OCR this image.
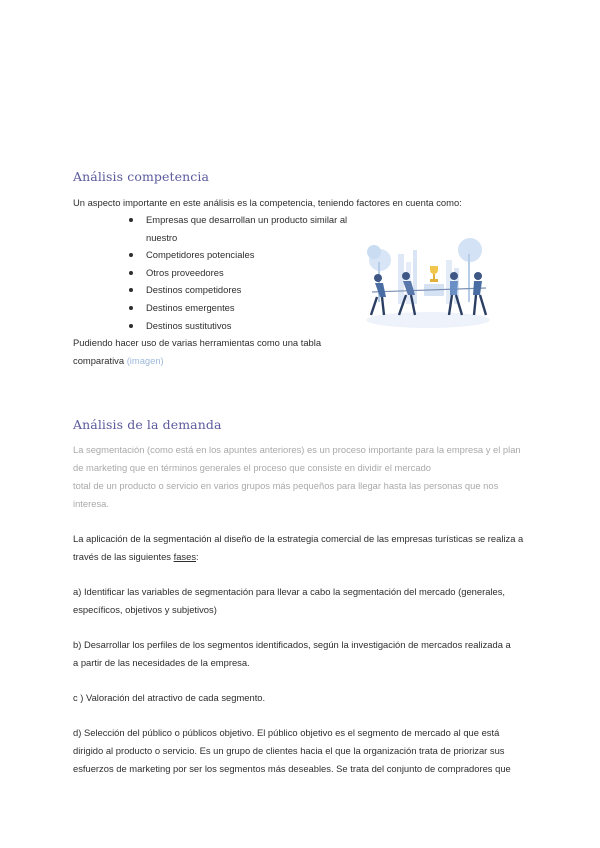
Análisis competencia
Un aspecto importante en este análisis es la competencia, teniendo factores en cuenta como:
Empresas que desarrollan un producto similar al
nuestro
Competidores potenciales
Otros proveedores
Destinos competidores
Destinos emergentes
Destinos sustitutivos
Pudiendo hacer uso de varias herramientas como una tabla
comparativa (imagen)
Análisis de la demanda
La segmentación (como está en los apuntes anteriores) es un proceso importante para la empresa y el plan
de marketing que en términos generales el proceso que consiste en dividir el mercado
total de un producto o servicio en varios grupos más pequeños para llegar hasta las personas que nos
interesa.
La aplicación de la segmentación al diseño de la estrategia comercial de las empresas turísticas se realiza a
través de las siguientes fases:
a) Identificar las variables de segmentación para llevar a cabo la segmentación del mercado (generales,
específicos, objetivos y subjetivos)
b) Desarrollar los perfiles de los segmentos identificados, según la investigación de mercados realizada a
a partir de las necesidades de la empresa.
c ) Valoración del atractivo de cada segmento.
d) Selección del público o públicos objetivo. El público objetivo es el segmento de mercado al que está
dirigido al producto o servicio. Es un grupo de clientes hacia el que la organización trata de priorizar sus
esfuerzos de marketing por ser los segmentos más deseables. Se trata del conjunto de compradores que
